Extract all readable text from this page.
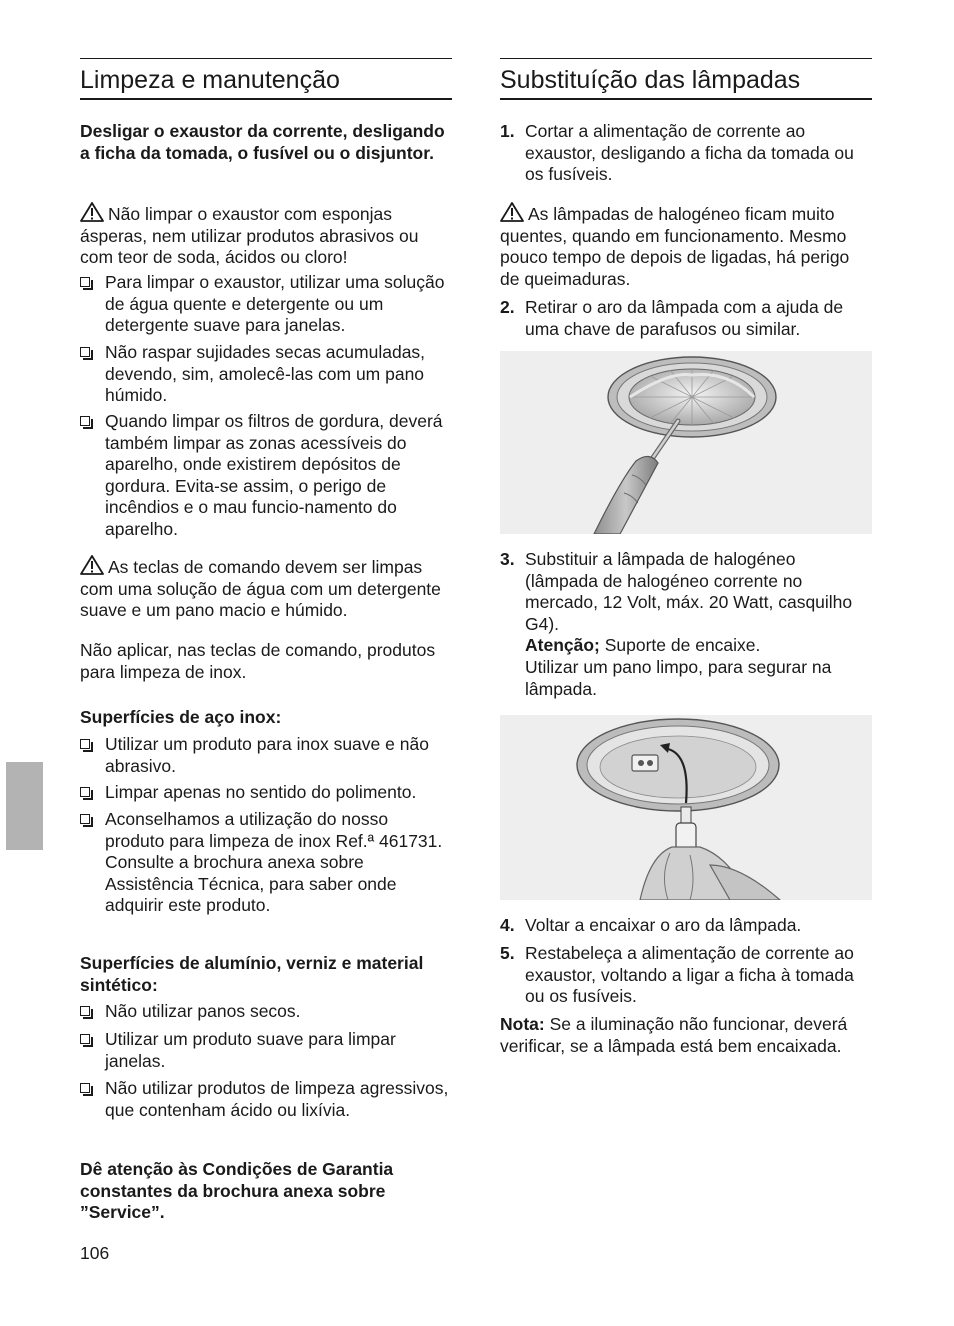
Limpeza e manutenção

Desligar o exaustor da corrente, desligando a ficha da tomada, o fusível ou o disjuntor.

Não limpar o exaustor com esponjas ásperas, nem utilizar produtos abrasivos ou com teor de soda, ácidos ou cloro!

Para limpar o exaustor, utilizar uma solução de água quente e detergente ou um detergente suave para janelas.

Não raspar sujidades secas acumuladas, devendo, sim, amolecê-las com um pano húmido.

Quando limpar os filtros de gordura, deverá também limpar as zonas acessíveis do aparelho, onde existirem depósitos de gordura. Evita-se assim, o perigo de incêndios e o mau funcio-namento do aparelho.

As teclas de comando devem ser limpas com uma solução de água com um detergente suave e um pano macio e húmido.

Não aplicar, nas teclas de comando, produtos para limpeza de inox.

Superfícies de aço inox:

Utilizar um produto para inox suave e não abrasivo.

Limpar apenas no sentido do polimento.

Aconselhamos a utilização do nosso produto para limpeza de inox Ref.ª 461731.

Consulte a brochura anexa sobre Assistência Técnica, para saber onde adquirir este produto.

Superfícies de alumínio, verniz e material sintético:

Não utilizar panos secos.

Utilizar um produto suave para limpar janelas.

Não utilizar produtos de limpeza agressivos, que contenham ácido ou lixívia.

Dê atenção às Condições de Garantia constantes da brochura anexa sobre ”Service”.

Substituíção das lâmpadas
1. Cortar a alimentação de corrente ao exaustor, desligando a ficha da tomada ou os fusíveis.

As lâmpadas de halogéneo ficam muito quentes, quando em funcionamento. Mesmo pouco tempo de depois de ligadas, há perigo de queimaduras.

2. Retirar o aro da lâmpada com a ajuda de uma chave de parafusos ou similar.

3. Substituir a lâmpada de halogéneo (lâmpada de halogéneo corrente no mercado, 12 Volt, máx. 20 Watt, casquilho G4).

Atenção; Suporte de encaixe.

Utilizar um pano limpo, para segurar na lâmpada.

4. Voltar a encaixar o aro da lâmpada.

5. Restabeleça a alimentação de corrente ao exaustor, voltando a ligar a ficha à tomada ou os fusíveis.

Nota: Se a iluminação não funcionar, deverá verificar, se a lâmpada está bem encaixada.

106
